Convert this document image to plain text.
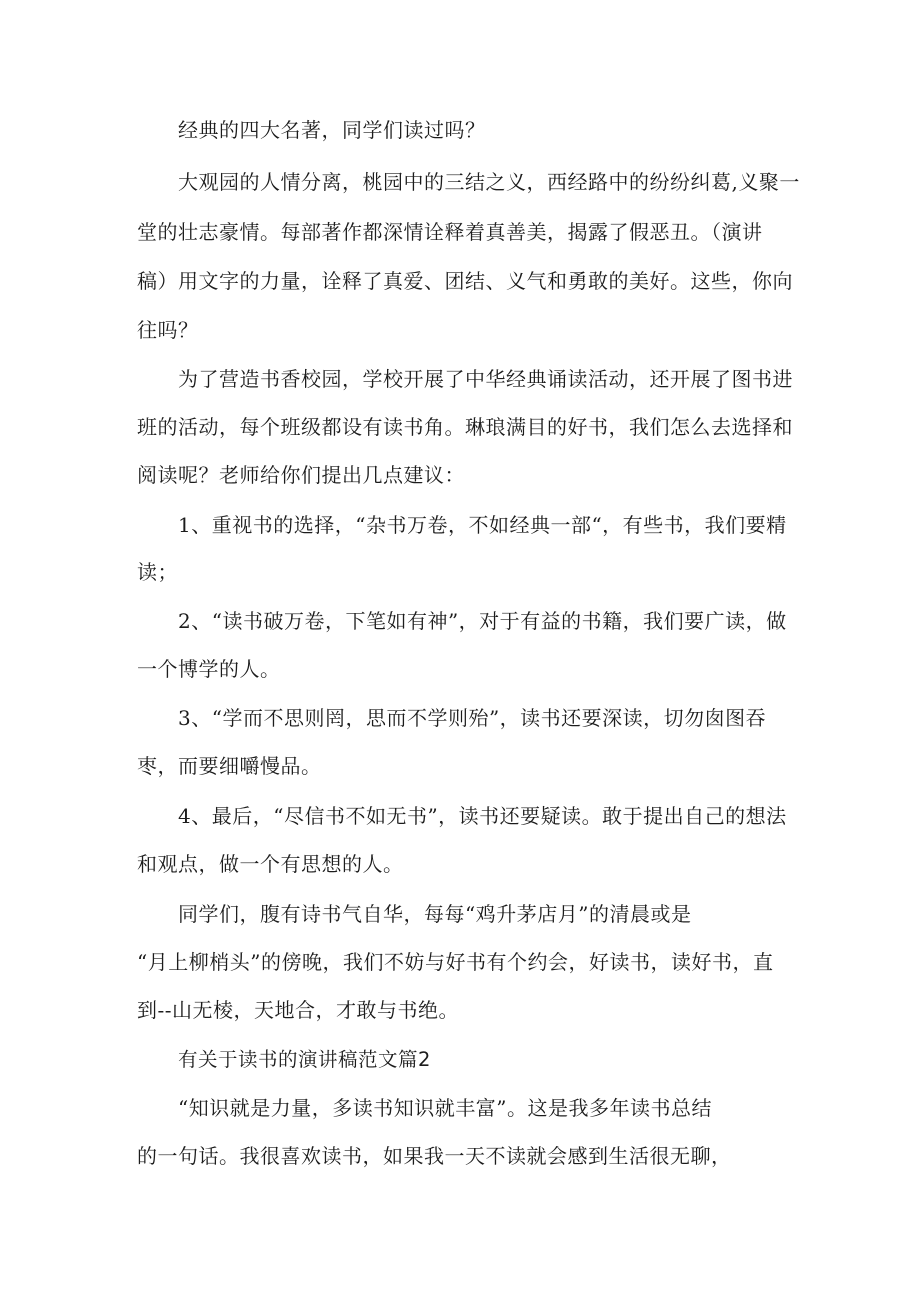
经典的四大名著，同学们读过吗？
大观园的人情分离，桃园中的三结之义，西经路中的纷纷纠葛,义聚一
堂的壮志豪情。每部著作都深情诠释着真善美，揭露了假恶丑。（演讲
稿）用文字的力量，诠释了真爱、团结、义气和勇敢的美好。这些，你向
往吗？
为了营造书香校园，学校开展了中华经典诵读活动，还开展了图书进
班的活动，每个班级都设有读书角。琳琅满目的好书，我们怎么去选择和
阅读呢？老师给你们提出几点建议：
1、重视书的选择，“杂书万卷，不如经典一部“，有些书，我们要精
读；
2、“读书破万卷，下笔如有神”，对于有益的书籍，我们要广读，做
一个博学的人。
3、“学而不思则罔，思而不学则殆”，读书还要深读，切勿囱图吞
枣，而要细嚼慢品。
4、最后，“尽信书不如无书”，读书还要疑读。敢于提出自己的想法
和观点，做一个有思想的人。
同学们，腹有诗书气自华，每每“鸡升茅店月”的清晨或是
“月上柳梢头”的傍晚，我们不妨与好书有个约会，好读书，读好书，直
到--山无棱，天地合，才敢与书绝。
有关于读书的演讲稿范文篇2
“知识就是力量，多读书知识就丰富”。这是我多年读书总结
的一句话。我很喜欢读书，如果我一天不读就会感到生活很无聊，
